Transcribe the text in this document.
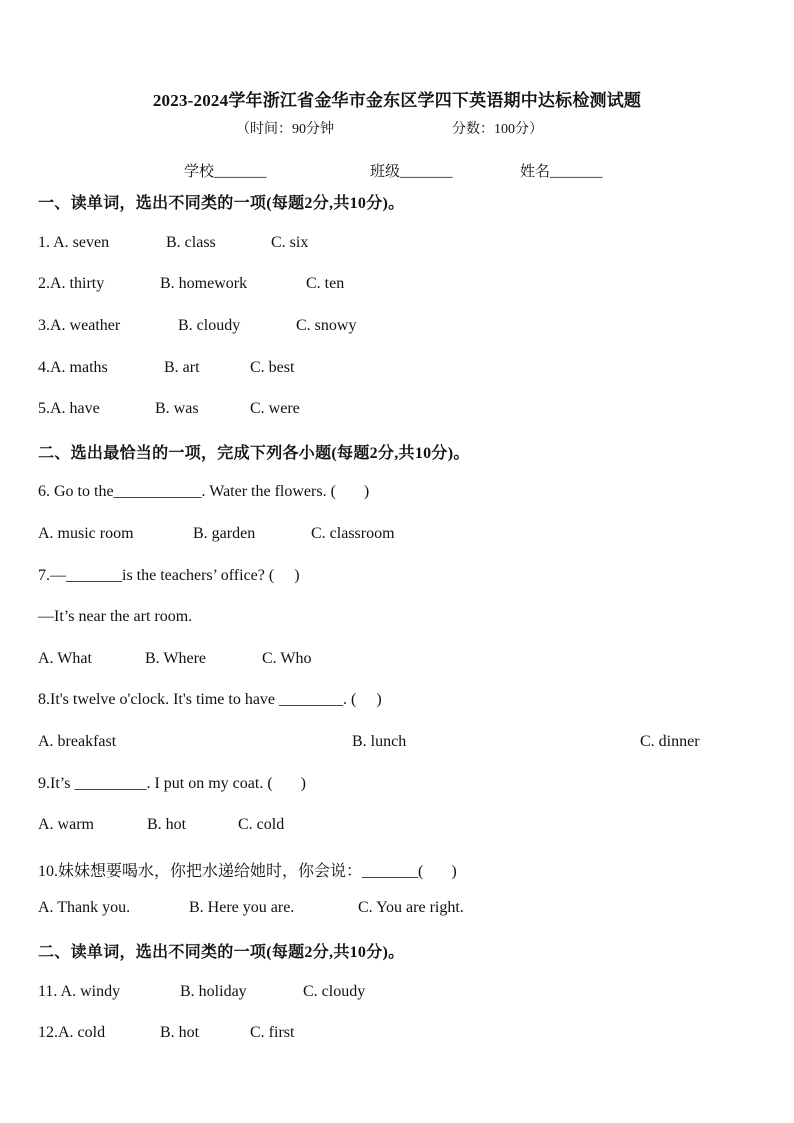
2023-2024学年浙江省金华市金东区学四下英语期中达标检测试题
（时间：90分钟	分数：100分）
学校_______	班级_______	姓名_______
一、读单词，选出不同类的一项(每题2分,共10分)。
1. A. seven	B. class	C. six
2.A. thirty	B. homework	C. ten
3.A. weather	B. cloudy	C. snowy
4.A. maths	B. art	C. best
5.A. have	B. was	C. were
二、选出最恰当的一项，完成下列各小题(每题2分,共10分)。
6. Go to the___________. Water the flowers. (       )
A. music room	B. garden	C. classroom
7.—_______is the teachers’ office? (     )
—It’s near the art room.
A. What	B. Where	C. Who
8.It's twelve o'clock. It's time to have ________. (     )
A. breakfast	B. lunch	C. dinner
9.It’s _________. I put on my coat. (       )
A. warm	B. hot	C. cold
10.妹妹想要喝水，你把水递给她时，你会说：_______(       )
A. Thank you.	B. Here you are.	C. You are right.
二、读单词，选出不同类的一项(每题2分,共10分)。
11. A. windy	B. holiday	C. cloudy
12.A. cold	B. hot	C. first
